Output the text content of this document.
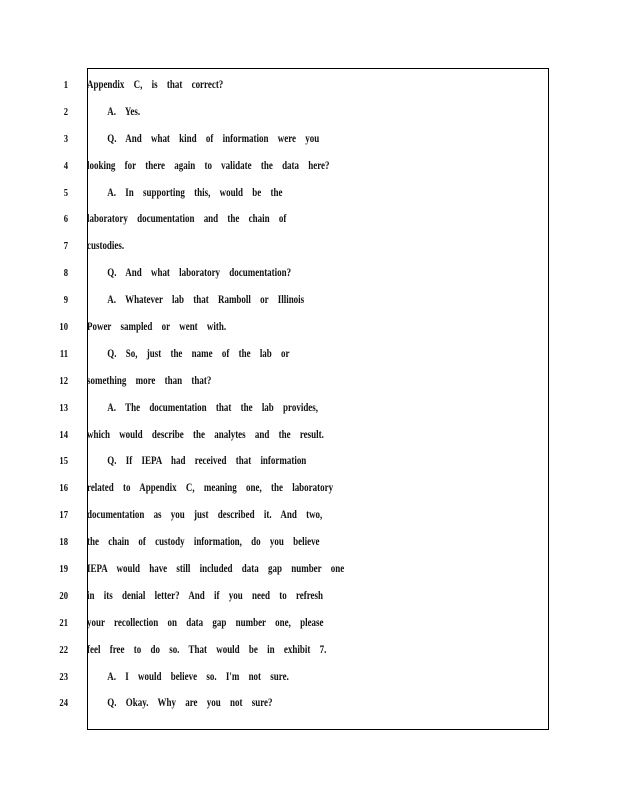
1
2
3
4
5
6
7
8
9
10
11
12
13
14
15
16
17
18
19
20
21
22
23
24
Appendix C, is that correct?
A. Yes.
Q. And what kind of information were you
looking for there again to validate the data here?
A. In supporting this, would be the
laboratory documentation and the chain of
custodies.
Q. And what laboratory documentation?
A. Whatever lab that Ramboll or Illinois
Power sampled or went with.
Q. So, just the name of the lab or
something more than that?
A. The documentation that the lab provides,
which would describe the analytes and the result.
Q. If IEPA had received that information
related to Appendix C, meaning one, the laboratory
documentation as you just described it. And two,
the chain of custody information, do you believe
IEPA would have still included data gap number one
in its denial letter? And if you need to refresh
your recollection on data gap number one, please
feel free to do so. That would be in exhibit 7.
A. I would believe so. I'm not sure.
Q. Okay. Why are you not sure?
